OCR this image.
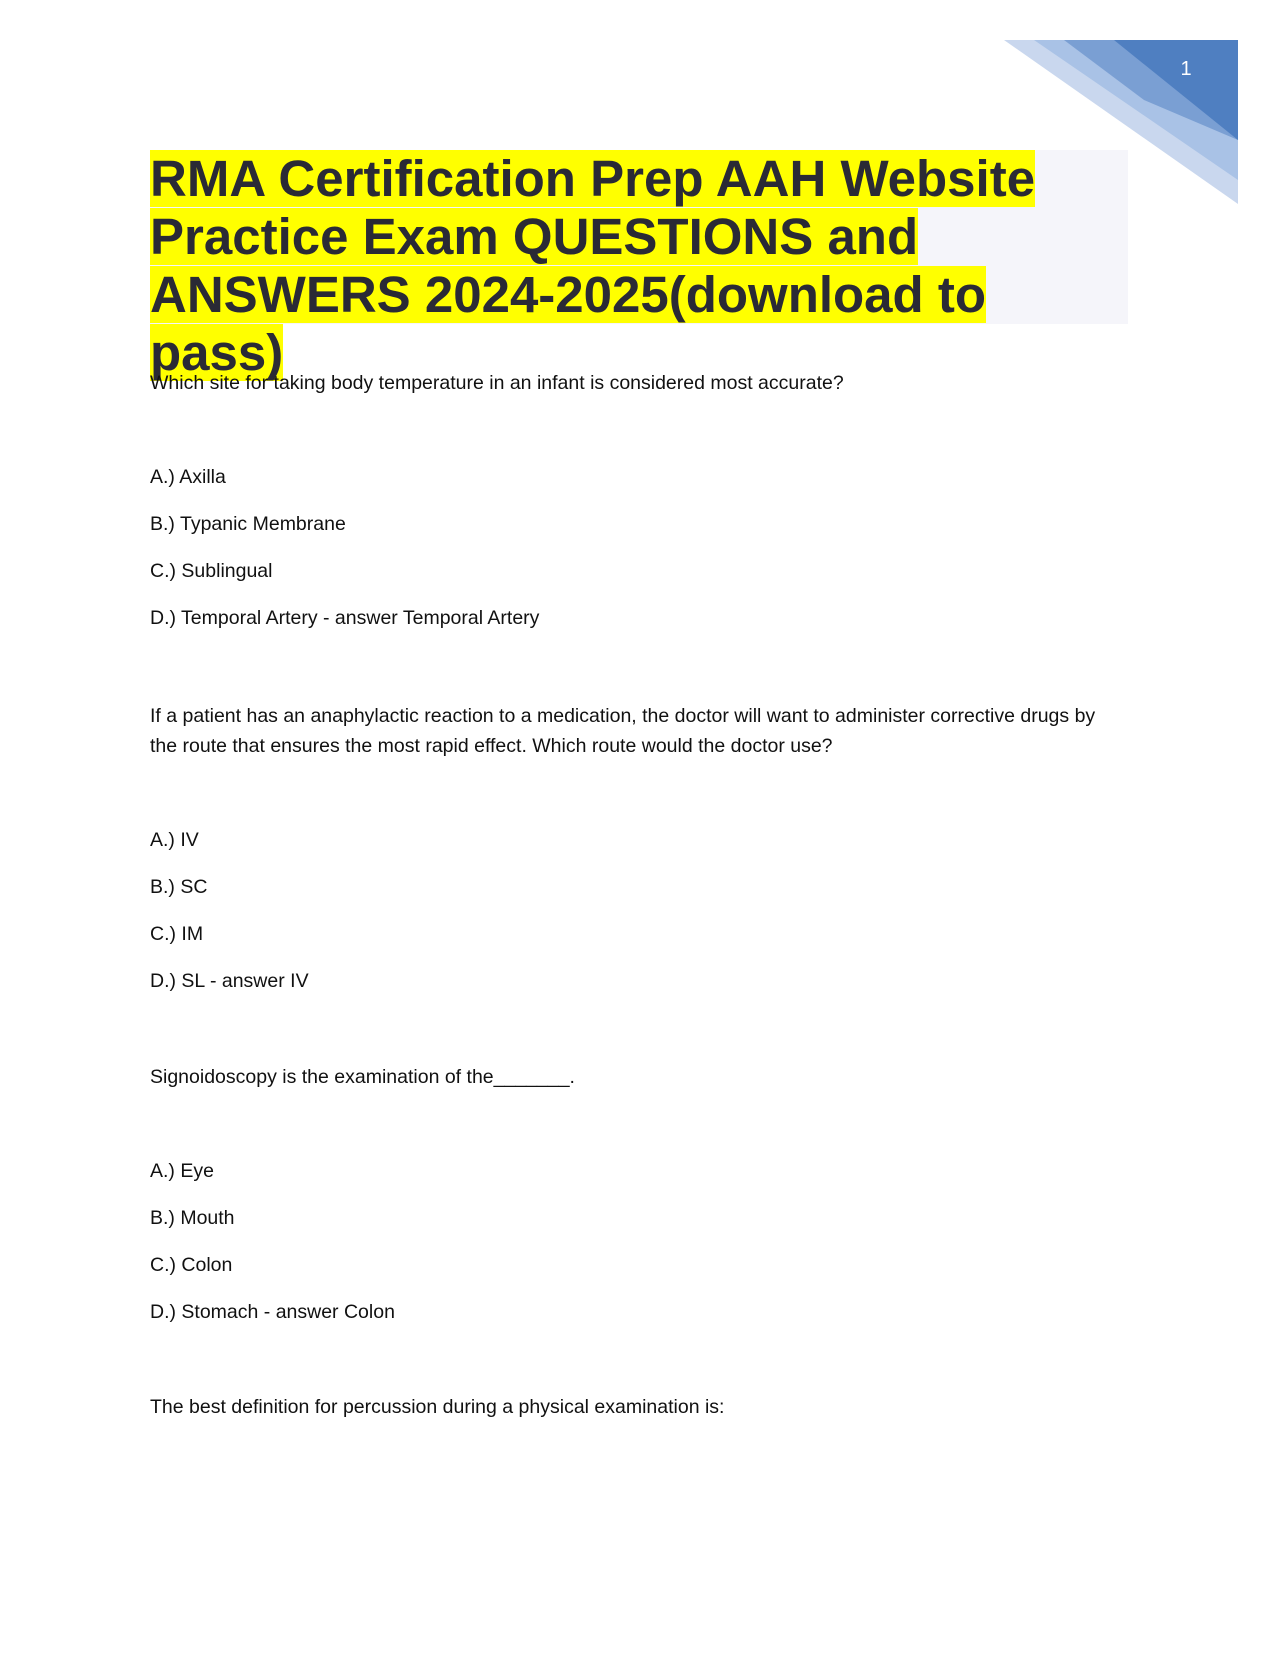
1
RMA Certification Prep AAH Website
Practice Exam QUESTIONS and
ANSWERS 2024-2025(download to pass)

Which site for taking body temperature in an infant is considered most accurate?

A.) Axilla
B.) Typanic Membrane
C.) Sublingual
D.) Temporal Artery - answer Temporal Artery

If a patient has an anaphylactic reaction to a medication, the doctor will want to administer corrective drugs by the route that ensures the most rapid effect. Which route would the doctor use?

A.) IV
B.) SC
C.) IM
D.) SL - answer IV

Signoidoscopy is the examination of the_______.

A.) Eye
B.) Mouth
C.) Colon
D.) Stomach - answer Colon

The best definition for percussion during a physical examination is:
